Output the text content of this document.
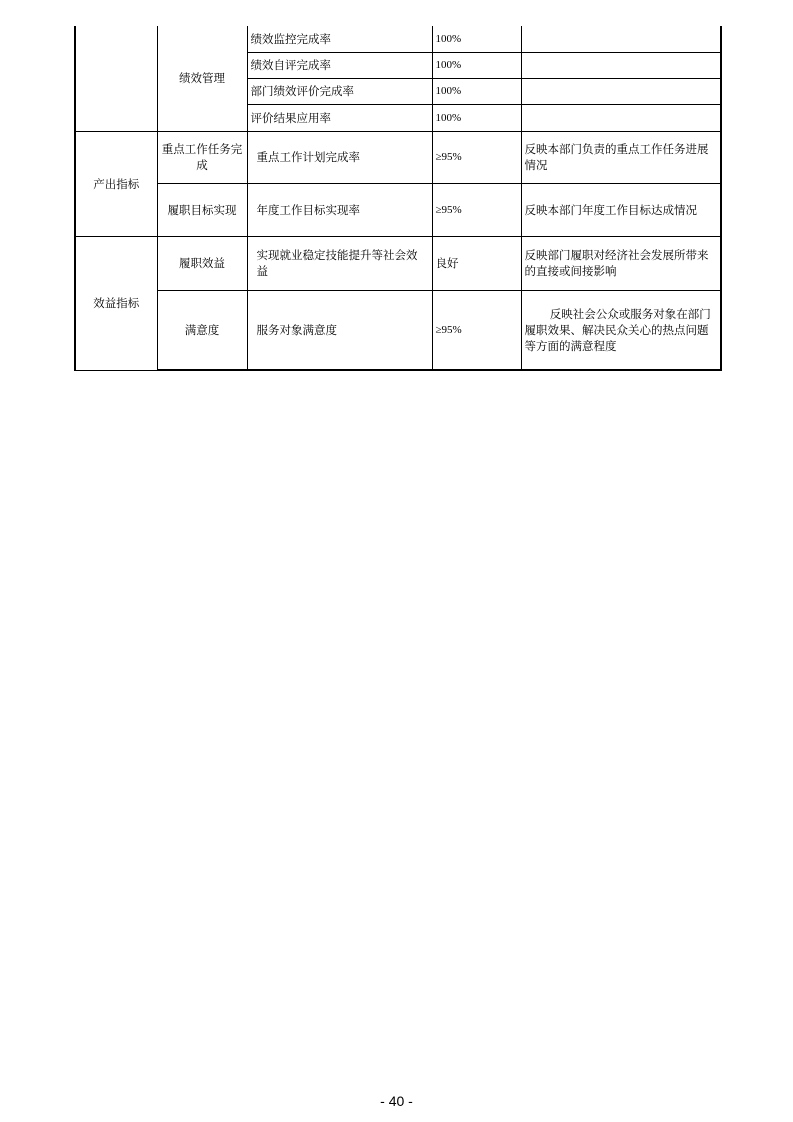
	绩效管理	绩效监控完成率	100%	
		绩效自评完成率	100%	
		部门绩效评价完成率	100%	
		评价结果应用率	100%	
产出指标	重点工作任务完成	重点工作计划完成率	≥95%	反映本部门负责的重点工作任务进展情况
	履职目标实现	年度工作目标实现率	≥95%	反映本部门年度工作目标达成情况
效益指标	履职效益	实现就业稳定技能提升等社会效益	良好	反映部门履职对经济社会发展所带来的直接或间接影响
	满意度	服务对象满意度	≥95%	反映社会公众或服务对象在部门履职效果、解决民众关心的热点问题等方面的满意程度
- 40 -
